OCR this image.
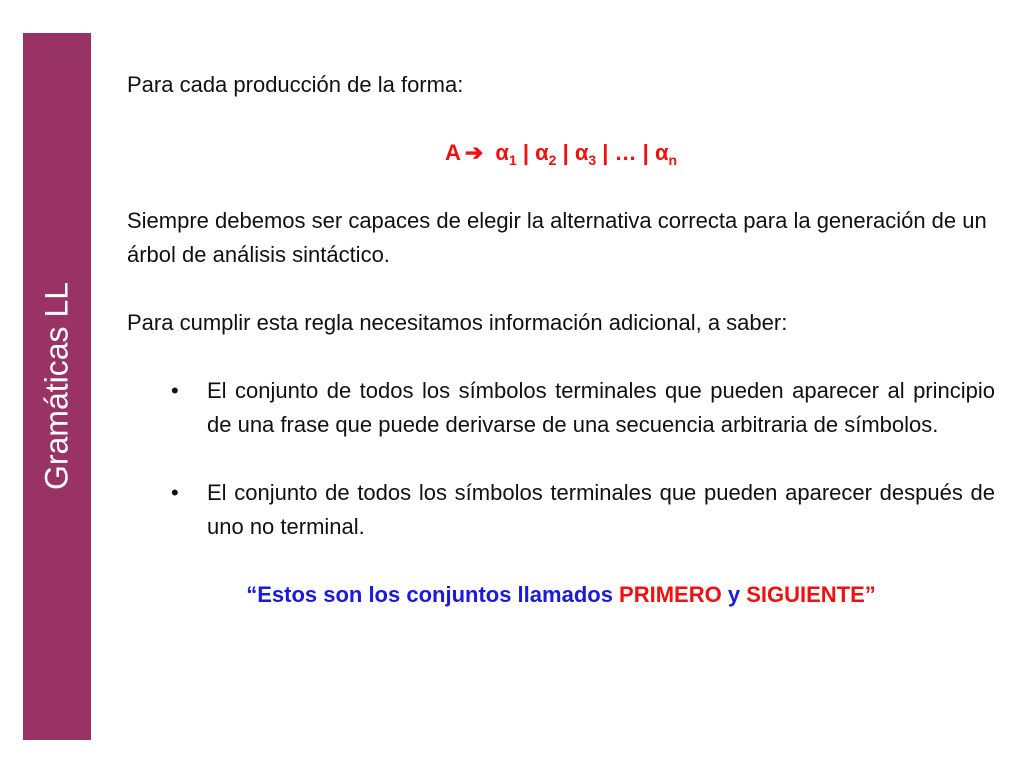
Gramáticas LL

Para cada producción de la forma:

A ➔ $\alpha_1$ | $\alpha_2$ | $\alpha_3$ | … | $\alpha_n$

Siempre debemos ser capaces de elegir la alternativa correcta para la generación de un árbol de análisis sintáctico.

Para cumplir esta regla necesitamos información adicional, a saber:

• El conjunto de todos los símbolos terminales que pueden aparecer al principio de una frase que puede derivarse de una secuencia arbitraria de símbolos.
• El conjunto de todos los símbolos terminales que pueden aparecer después de uno no terminal.

“Estos son los conjuntos llamados PRIMERO y SIGUIENTE”
